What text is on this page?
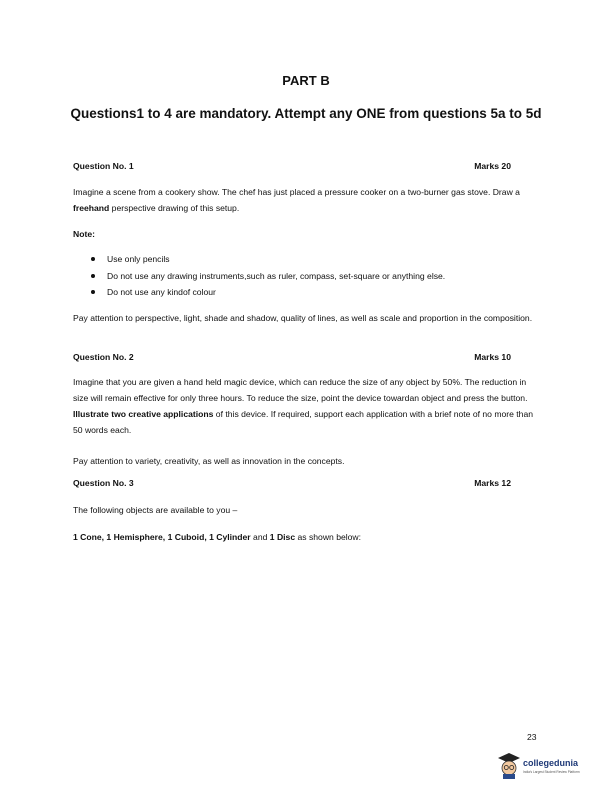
PART B
Questions1 to 4 are mandatory. Attempt any ONE from questions 5a to 5d
Question No. 1	Marks 20
Imagine a scene from a cookery show. The chef has just placed a pressure cooker on a two-burner gas stove. Draw a freehand perspective drawing of this setup.
Note:
Use only pencils
Do not use any drawing instruments,such as ruler, compass, set-square or anything else.
Do not use any kindof colour
Pay attention to perspective, light, shade and shadow, quality of lines, as well as scale and proportion in the composition.
Question No. 2	Marks 10
Imagine that you are given a hand held magic device, which can reduce the size of any object by 50%. The reduction in size will remain effective for only three hours. To reduce the size, point the device towardan object and press the button. Illustrate two creative applications of this device. If required, support each application with a brief note of no more than 50 words each.
Pay attention to variety, creativity, as well as innovation in the concepts.
Question No. 3	Marks 12
The following objects are available to you –
1 Cone, 1 Hemisphere, 1 Cuboid, 1 Cylinder and 1 Disc as shown below:
23
collegedunia
India's Largest Student Review Platform
